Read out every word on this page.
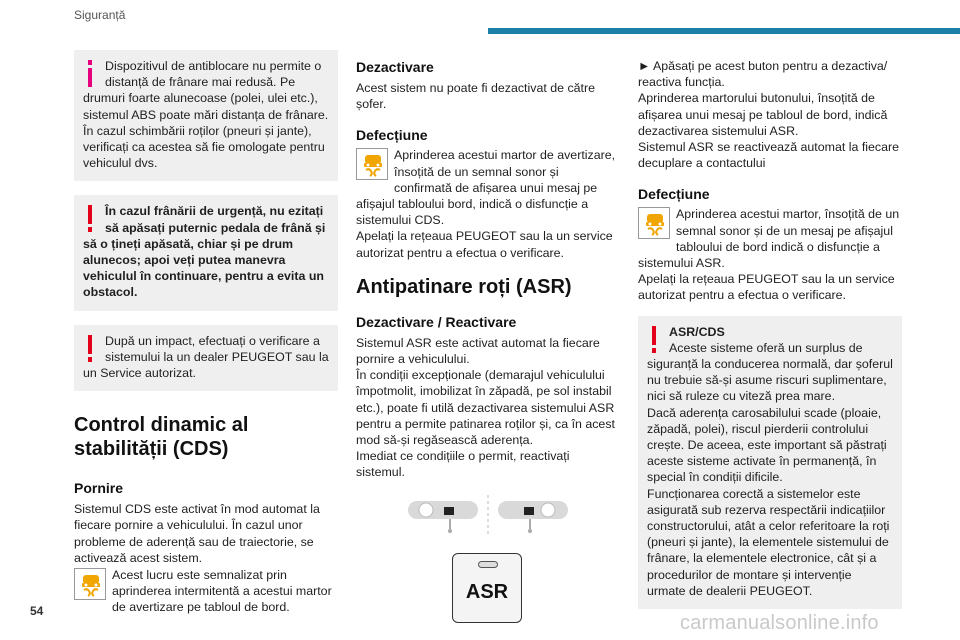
Siguranță

Dispozitivul de antiblocare nu permite o distanță de frânare mai redusă. Pe drumuri foarte alunecoase (polei, ulei etc.), sistemul ABS poate mări distanța de frânare. În cazul schimbării roților (pneuri și jante), verificați ca acestea să fie omologate pentru vehiculul dvs.

În cazul frânării de urgență, nu ezitați să apăsați puternic pedala de frână și să o țineți apăsată, chiar și pe drum alunecos; apoi veți putea manevra vehiculul în continuare, pentru a evita un obstacol.

După un impact, efectuați o verificare a sistemului la un dealer PEUGEOT sau la un Service autorizat.

Control dinamic al stabilității (CDS)
Pornire

Sistemul CDS este activat în mod automat la fiecare pornire a vehiculului. În cazul unor probleme de aderență sau de traiectorie, se activează acest sistem.

Acest lucru este semnalizat prin aprinderea intermitentă a acestui martor de avertizare pe tabloul de bord.

Dezactivare

Acest sistem nu poate fi dezactivat de către șofer.

Defecțiune

Aprinderea acestui martor de avertizare, însoțită de un semnal sonor și confirmată de afișarea unui mesaj pe afișajul tabloului bord, indică o disfuncție a sistemului CDS.

Apelați la rețeaua PEUGEOT sau la un service autorizat pentru a efectua o verificare.

Antipatinare roți (ASR)
Dezactivare / Reactivare

Sistemul ASR este activat automat la fiecare pornire a vehiculului.

În condiții excepționale (demarajul vehiculului împotmolit, imobilizat în zăpadă, pe sol instabil etc.), poate fi utilă dezactivarea sistemului ASR pentru a permite patinarea roților și, ca în acest mod să-și regăsească aderența.

Imediat ce condițiile o permit, reactivați sistemul.

ASR

► Apăsați pe acest buton pentru a dezactiva/ reactiva funcția.

Aprinderea martorului butonului, însoțită de afișarea unui mesaj pe tabloul de bord, indică dezactivarea sistemului ASR.

Sistemul ASR se reactivează automat la fiecare decuplare a contactului

Defecțiune

Aprinderea acestui martor, însoțită de un semnal sonor și de un mesaj pe afișajul tabloului de bord indică o disfuncție a sistemului ASR.

Apelați la rețeaua PEUGEOT sau la un service autorizat pentru a efectua o verificare.

ASR/CDS

Aceste sisteme oferă un surplus de siguranță la conducerea normală, dar șoferul nu trebuie să-și asume riscuri suplimentare, nici să ruleze cu viteză prea mare.

Dacă aderența carosabilului scade (ploaie, zăpadă, polei), riscul pierderii controlului crește. De aceea, este important să păstrați aceste sisteme activate în permanență, în special în condiții dificile.

Funcționarea corectă a sistemelor este asigurată sub rezerva respectării indicațiilor constructorului, atât a celor referitoare la roți (pneuri și jante), la elementele sistemului de frânare, la elementele electronice, cât și a procedurilor de montare și intervenție urmate de dealerii PEUGEOT.

54
carmanualsonline.info
